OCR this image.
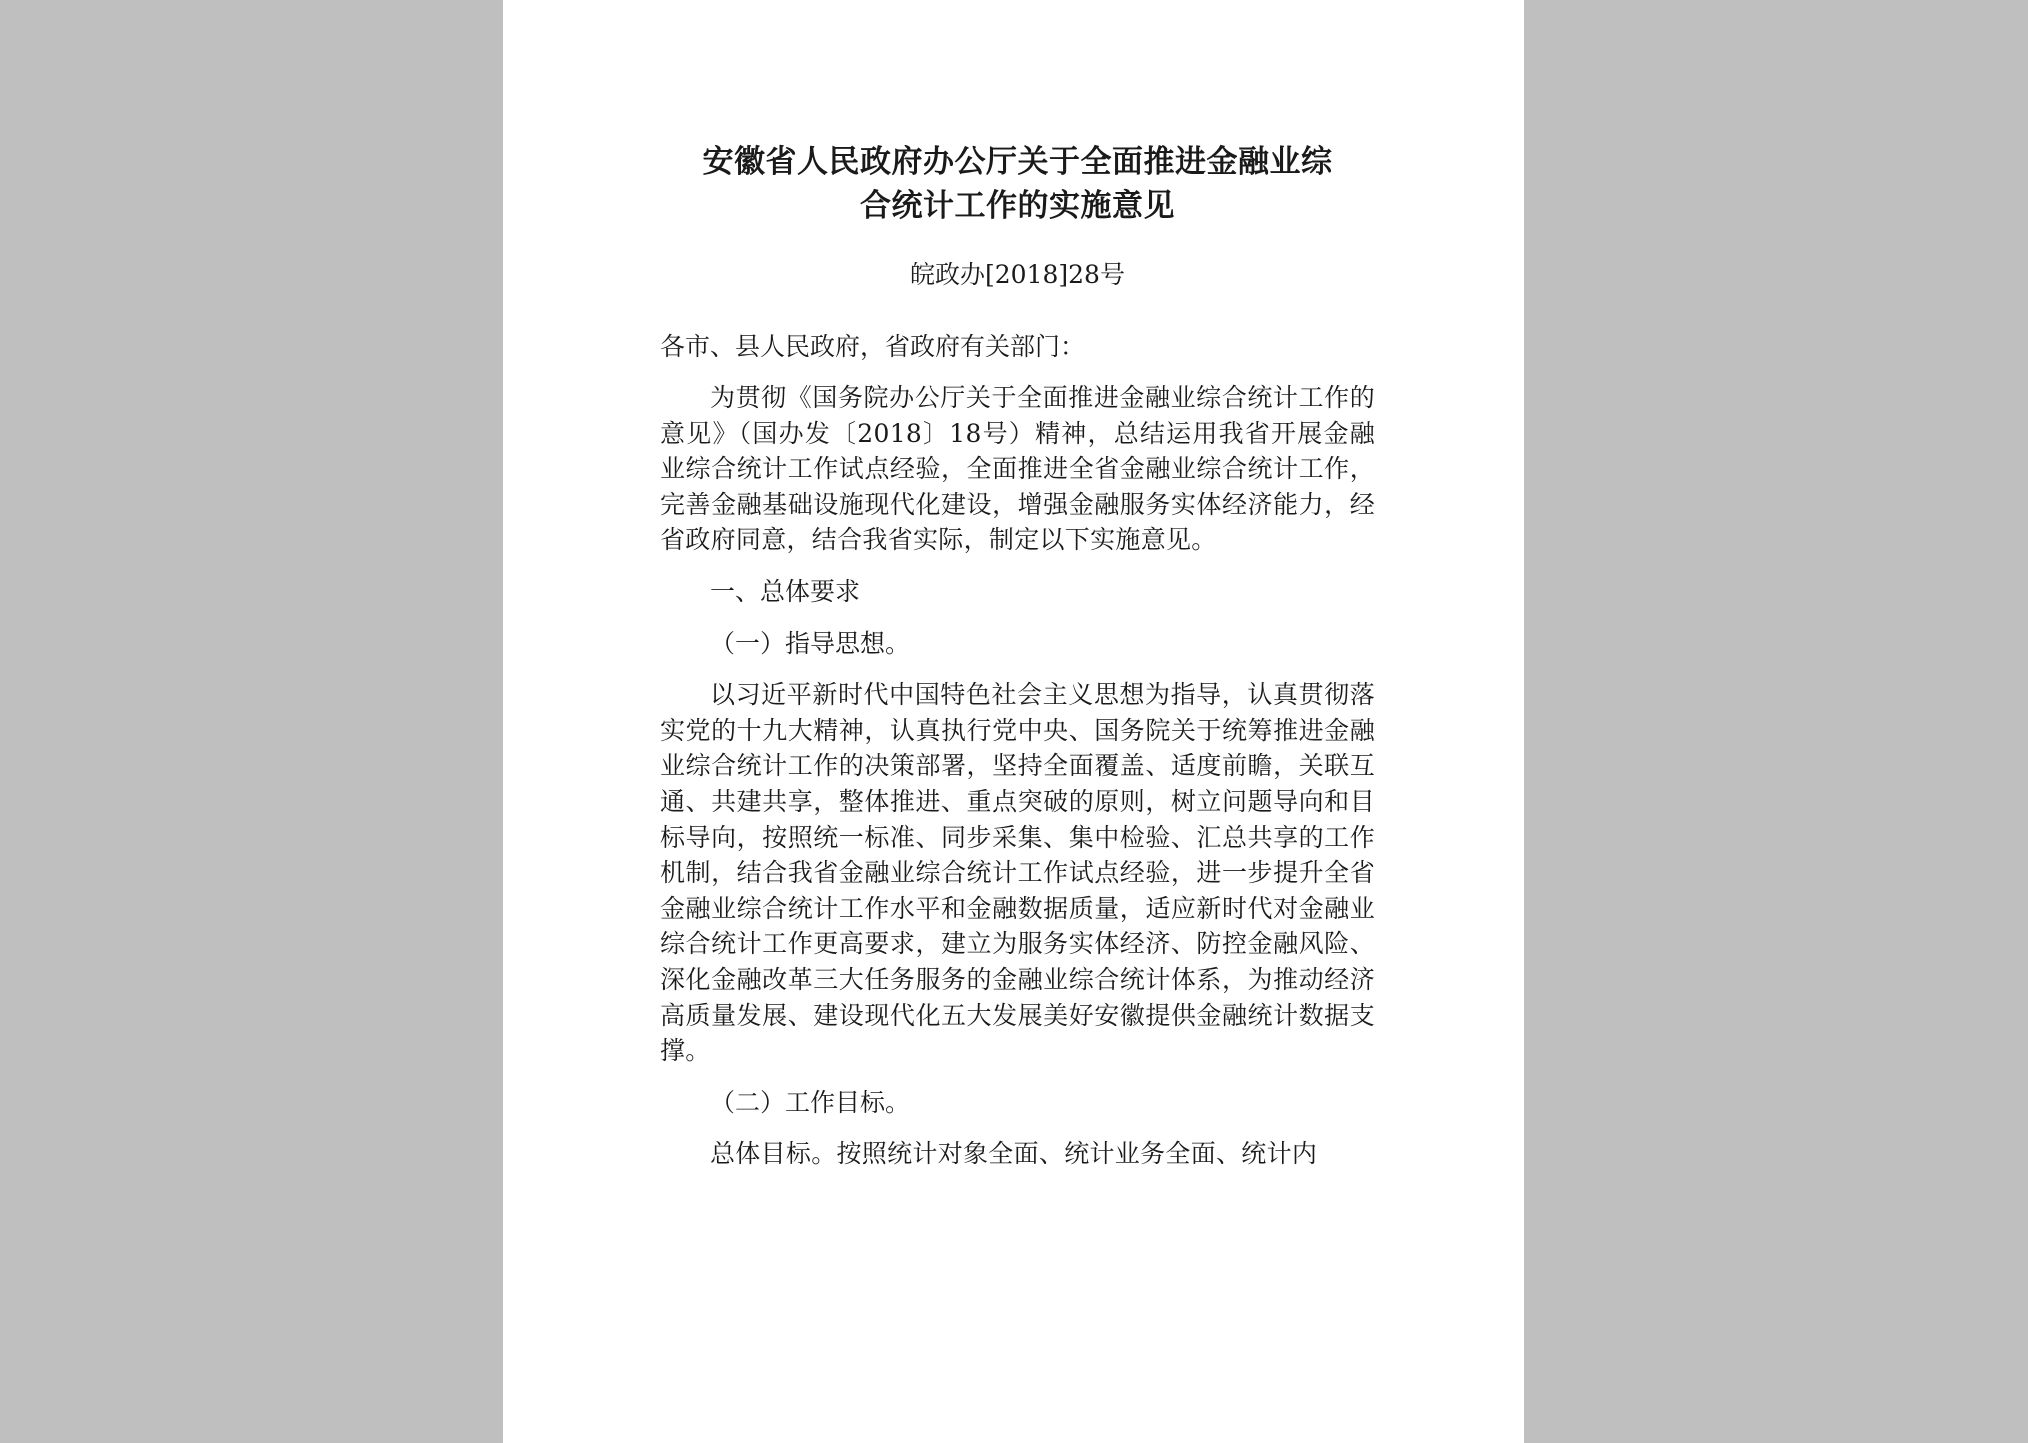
安徽省人民政府办公厅关于全面推进金融业综
合统计工作的实施意见

皖政办[2018]28号

各市、县人民政府，省政府有关部门：

为贯彻《国务院办公厅关于全面推进金融业综合统计工作的意见》（国办发〔2018〕18号）精神，总结运用我省开展金融业综合统计工作试点经验，全面推进全省金融业综合统计工作，完善金融基础设施现代化建设，增强金融服务实体经济能力，经省政府同意，结合我省实际，制定以下实施意见。

一、总体要求

（一）指导思想。

以习近平新时代中国特色社会主义思想为指导，认真贯彻落实党的十九大精神，认真执行党中央、国务院关于统筹推进金融业综合统计工作的决策部署，坚持全面覆盖、适度前瞻，关联互通、共建共享，整体推进、重点突破的原则，树立问题导向和目标导向，按照统一标准、同步采集、集中检验、汇总共享的工作机制，结合我省金融业综合统计工作试点经验，进一步提升全省金融业综合统计工作水平和金融数据质量，适应新时代对金融业综合统计工作更高要求，建立为服务实体经济、防控金融风险、深化金融改革三大任务服务的金融业综合统计体系，为推动经济高质量发展、建设现代化五大发展美好安徽提供金融统计数据支撑。

（二）工作目标。

总体目标。按照统计对象全面、统计业务全面、统计内
